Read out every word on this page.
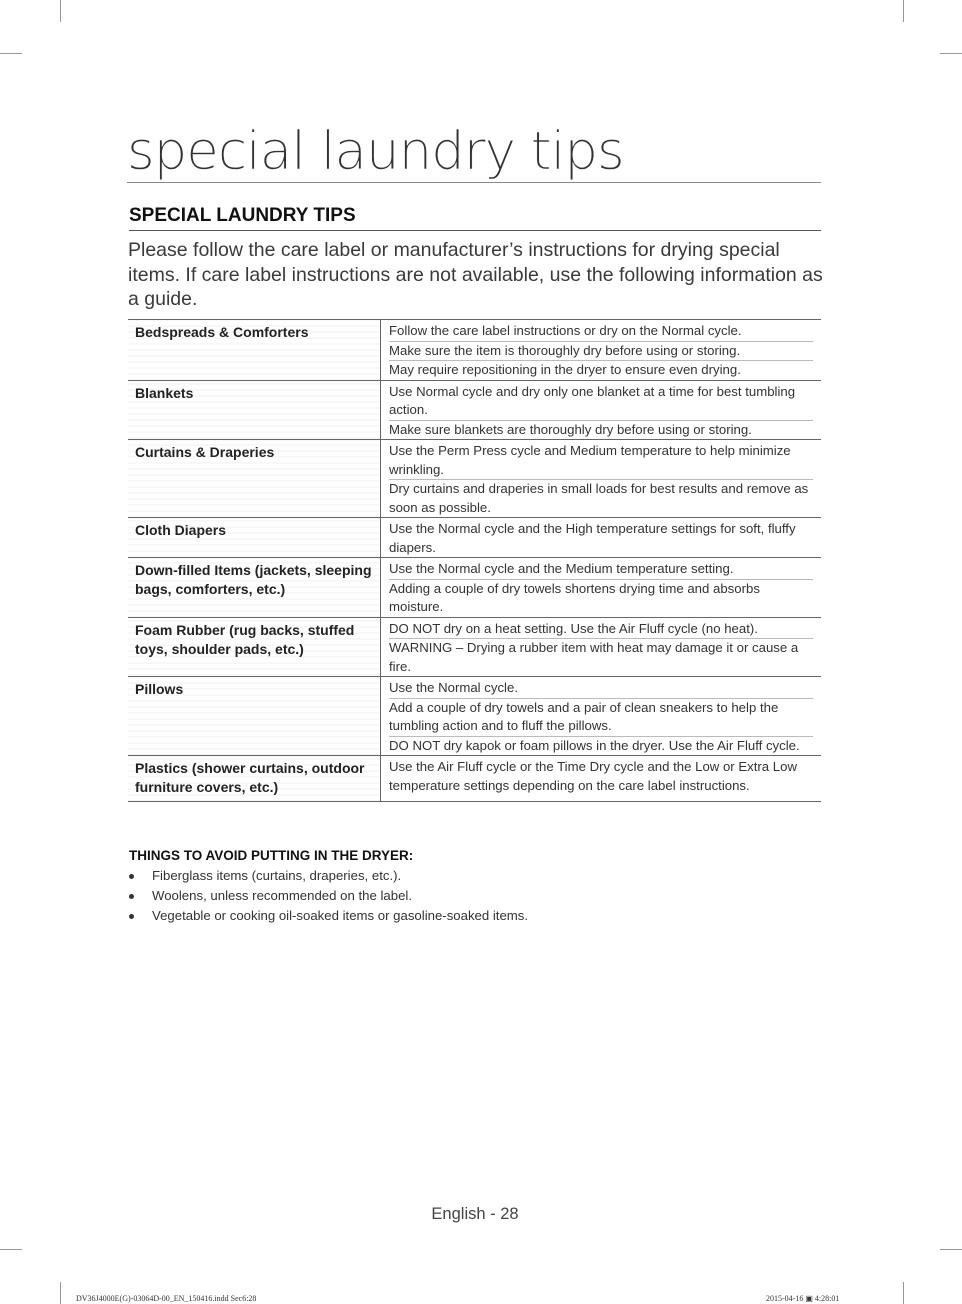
special laundry tips
SPECIAL LAUNDRY TIPS
Please follow the care label or manufacturer’s instructions for drying special items. If care label instructions are not available, use the following information as a guide.
Bedspreads & Comforters	Follow the care label instructions or dry on the Normal cycle.
Make sure the item is thoroughly dry before using or storing.
May require repositioning in the dryer to ensure even drying.

Blankets	Use Normal cycle and dry only one blanket at a time for best tumbling action.
Make sure blankets are thoroughly dry before using or storing.

Curtains & Draperies	Use the Perm Press cycle and Medium temperature to help minimize wrinkling.
Dry curtains and draperies in small loads for best results and remove as soon as possible.

Cloth Diapers	Use the Normal cycle and the High temperature settings for soft, fluffy diapers.

Down-filled Items (jackets, sleeping bags, comforters, etc.)	Use the Normal cycle and the Medium temperature setting.
Adding a couple of dry towels shortens drying time and absorbs moisture.

Foam Rubber (rug backs, stuffed toys, shoulder pads, etc.)	DO NOT dry on a heat setting. Use the Air Fluff cycle (no heat).
WARNING – Drying a rubber item with heat may damage it or cause a fire.

Pillows	Use the Normal cycle.
Add a couple of dry towels and a pair of clean sneakers to help the tumbling action and to fluff the pillows.
DO NOT dry kapok or foam pillows in the dryer. Use the Air Fluff cycle.

Plastics (shower curtains, outdoor furniture covers, etc.)	Use the Air Fluff cycle or the Time Dry cycle and the Low or Extra Low temperature settings depending on the care label instructions.
THINGS TO AVOID PUTTING IN THE DRYER:
Fiberglass items (curtains, draperies, etc.).
Woolens, unless recommended on the label.
Vegetable or cooking oil-soaked items or gasoline-soaked items.
English - 28
DV36J4000E(G)-03064D-00_EN_150416.indd Sec6:28	2015-04-16 ▣ 4:28:01
